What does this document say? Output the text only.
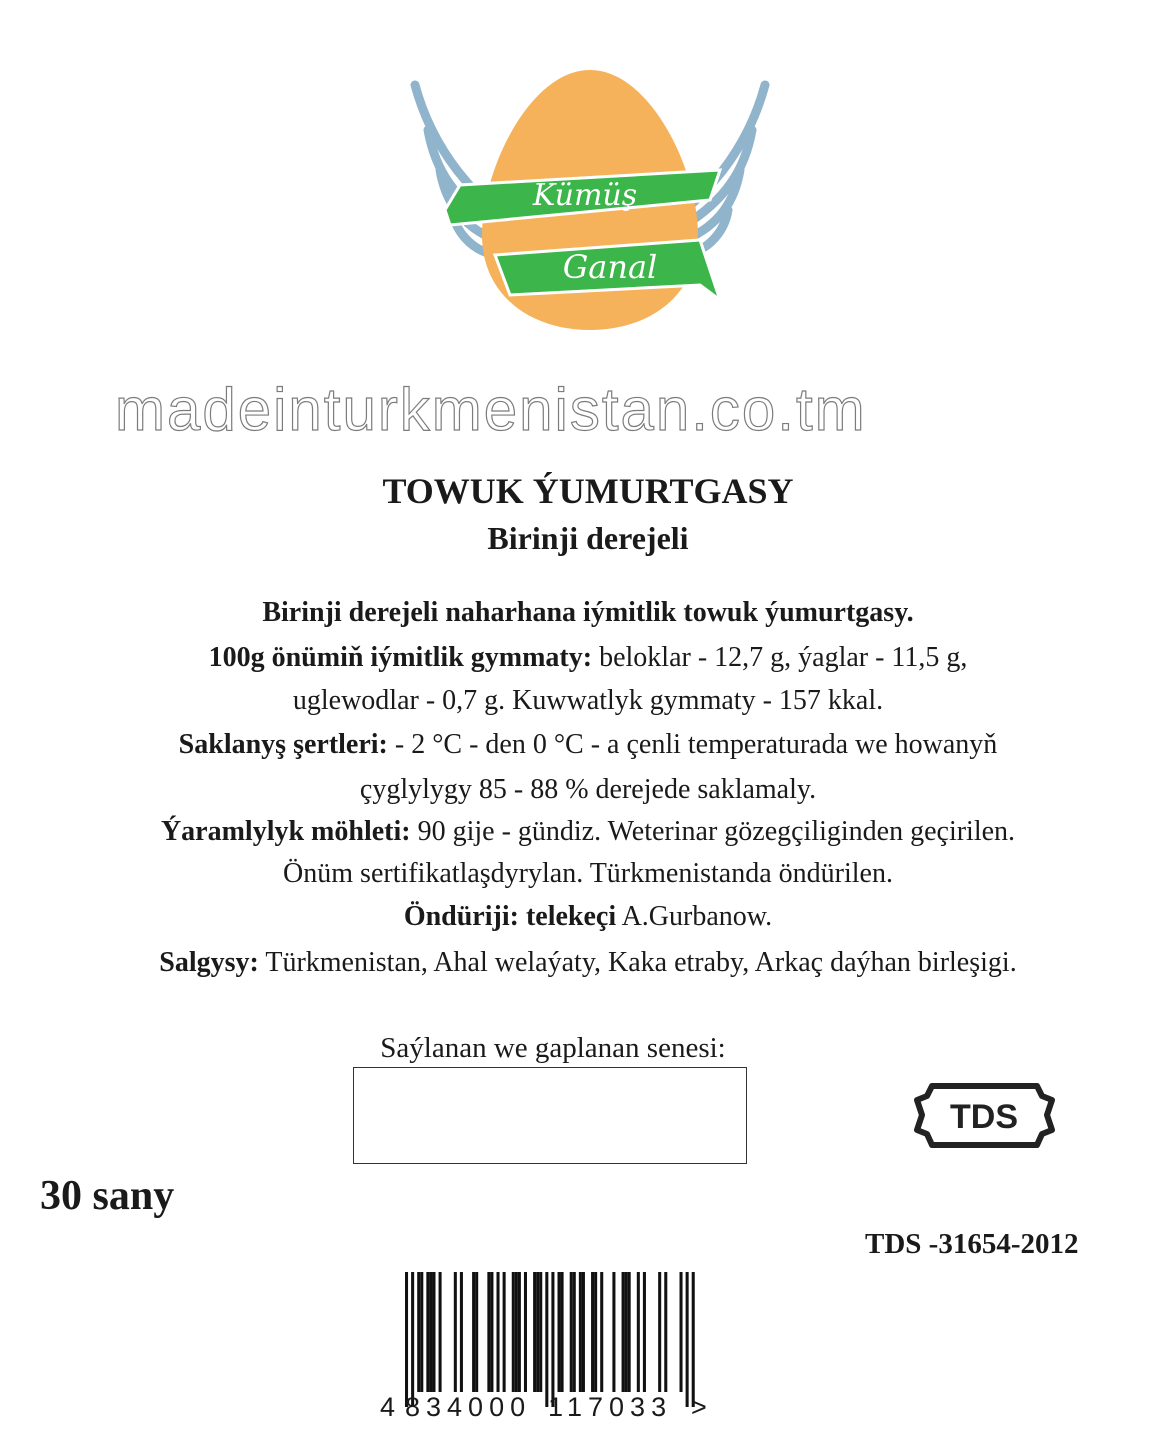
Kümüş
Ganal
madeinturkmenistan.co.tm
TOWUK ÝUMURTGASY
Birinji derejeli
Birinji derejeli naharhana iýmitlik towuk ýumurtgasy.
100g önümiň iýmitlik gymmaty: beloklar - 12,7 g, ýaglar - 11,5 g,
uglewodlar - 0,7 g. Kuwwatlyk gymmaty - 157 kkal.
Saklanyş şertleri: - 2 °C - den 0 °C - a çenli temperaturada we howanyň
çyglylygy 85 - 88 % derejede saklamaly.
Ýaramlylyk möhleti: 90 gije - gündiz. Weterinar gözegçiliginden geçirilen.
Önüm sertifikatlaşdyrylan. Türkmenistanda öndürilen.
Öndüriji: telekeçi A.Gurbanow.
Salgysy: Türkmenistan, Ahal welaýaty, Kaka etraby, Arkaç daýhan birleşigi.
Saýlanan we gaplanan senesi:
TDS
30 sany
TDS -31654-2012
4 834000 117033 >
